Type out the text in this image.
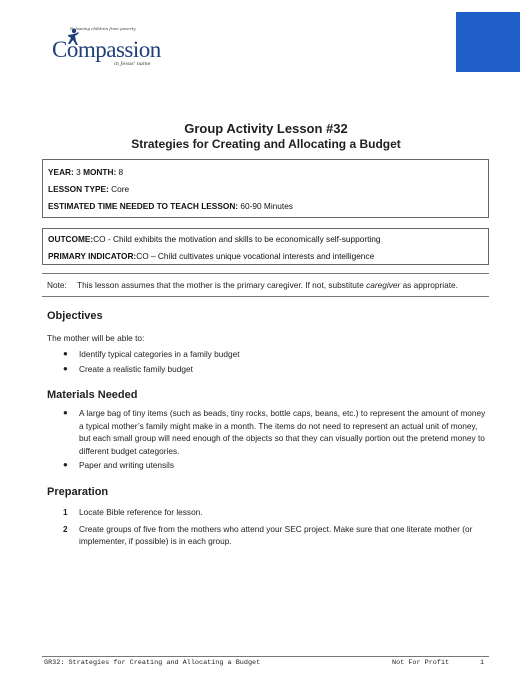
Releasing children from poverty
Compassion
in Jesus' name
Group Activity Lesson #32
Strategies for Creating and Allocating a Budget
YEAR: 3 MONTH: 8
LESSON TYPE: Core
ESTIMATED TIME NEEDED TO TEACH LESSON: 60-90 Minutes
OUTCOME:CO - Child exhibits the motivation and skills to be economically self-supporting
PRIMARY INDICATOR:CO – Child cultivates unique vocational interests and intelligence
Note: This lesson assumes that the mother is the primary caregiver. If not, substitute caregiver as appropriate.
Objectives
The mother will be able to:
● Identify typical categories in a family budget
● Create a realistic family budget
Materials Needed
● A large bag of tiny items (such as beads, tiny rocks, bottle caps, beans, etc.) to represent the amount of money a typical mother’s family might make in a month. The items do not need to represent an actual unit of money, but each small group will need enough of the objects so that they can visually portion out the pretend money to different budget categories.
● Paper and writing utensils
Preparation
1 Locate Bible reference for lesson.
2 Create groups of five from the mothers who attend your SEC project. Make sure that one literate mother (or implementer, if possible) is in each group.
GR32: Strategies for Creating and Allocating a Budget	Not For Profit	1
